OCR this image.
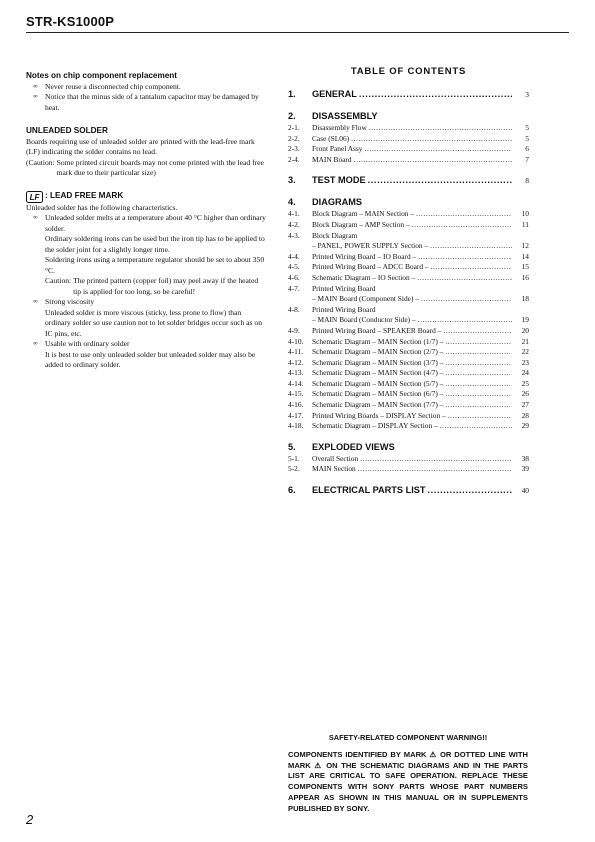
STR-KS1000P

Notes on chip component replacement

∞ Never reuse a disconnected chip component.
∞ Notice that the minus side of a tantalum capacitor may be damaged by heat.

UNLEADED SOLDER

Boards requiring use of unleaded solder are printed with the lead-free mark (LF) indicating the solder contains no lead.

(Caution: Some printed circuit boards may not come printed with the lead free mark due to their particular size)
LF : LEAD FREE MARK

Unleaded solder has the following characteristics.

∞ Unleaded solder melts at a temperature about 40 °C higher than ordinary solder.

Ordinary soldering irons can be used but the iron tip has to be applied to the solder joint for a slightly longer time.

Soldering irons using a temperature regulator should be set to about 350 °C.

Caution: The printed pattern (copper foil) may peel away if the heated tip is applied for too long, so be careful!
∞ Strong viscosity

Unleaded solder is more viscous (sticky, less prone to flow) than ordinary solder so use caution not to let solder bridges occur such as on IC pins, etc.

∞ Usable with ordinary solder

It is best to use only unleaded solder but unleaded solder may also be added to ordinary solder.

TABLE OF CONTENTS
1.	GENERAL .....	3
2.	DISASSEMBLY
2-1.	Disassembly Flow .....	5
2-2.	Case (SL06) .....	5
2-3.	Front Panel Assy .....	6
2-4.	MAIN Board .....	7
3.	TEST MODE .....	8
4.	DIAGRAMS
4-1.	Block Diagram – MAIN Section – .....	10
4-2.	Block Diagram – AMP Section – .....	11
4-3.	Block Diagram
– PANEL, POWER SUPPLY Section – .....	12
4-4.	Printed Wiring Board – IO Board – .....	14
4-5.	Printed Wiring Board – ADCC Board – .....	15
4-6.	Schematic Diagram – IO Section – .....	16
4-7.	Printed Wiring Board
– MAIN Board (Component Side) – .....	18
4-8.	Printed Wiring Board
– MAIN Board (Conductor Side) – .....	19
4-9.	Printed Wiring Board – SPEAKER Board – .....	20
4-10.	Schematic Diagram – MAIN Section (1/7) – .....	21
4-11.	Schematic Diagram – MAIN Section (2/7) – .....	22
4-12.	Schematic Diagram – MAIN Section (3/7) – .....	23
4-13.	Schematic Diagram – MAIN Section (4/7) – .....	24
4-14.	Schematic Diagram – MAIN Section (5/7) – .....	25
4-15.	Schematic Diagram – MAIN Section (6/7) – .....	26
4-16.	Schematic Diagram – MAIN Section (7/7) – .....	27
4-17.	Printed Wiring Boards – DISPLAY Section – .....	28
4-18.	Schematic Diagram – DISPLAY Section – .....	29
5.	EXPLODED VIEWS
5-1.	Overall Section .....	38
5-2.	MAIN Section .....	39
6.	ELECTRICAL PARTS LIST .....	40
SAFETY-RELATED COMPONENT WARNING!!
COMPONENTS IDENTIFIED BY MARK ⚠ OR DOTTED LINE WITH MARK ⚠ ON THE SCHEMATIC DIAGRAMS AND IN THE PARTS LIST ARE CRITICAL TO SAFE OPERATION. REPLACE THESE COMPONENTS WITH SONY PARTS WHOSE PART NUMBERS APPEAR AS SHOWN IN THIS MANUAL OR IN SUPPLEMENTS PUBLISHED BY SONY.
2
